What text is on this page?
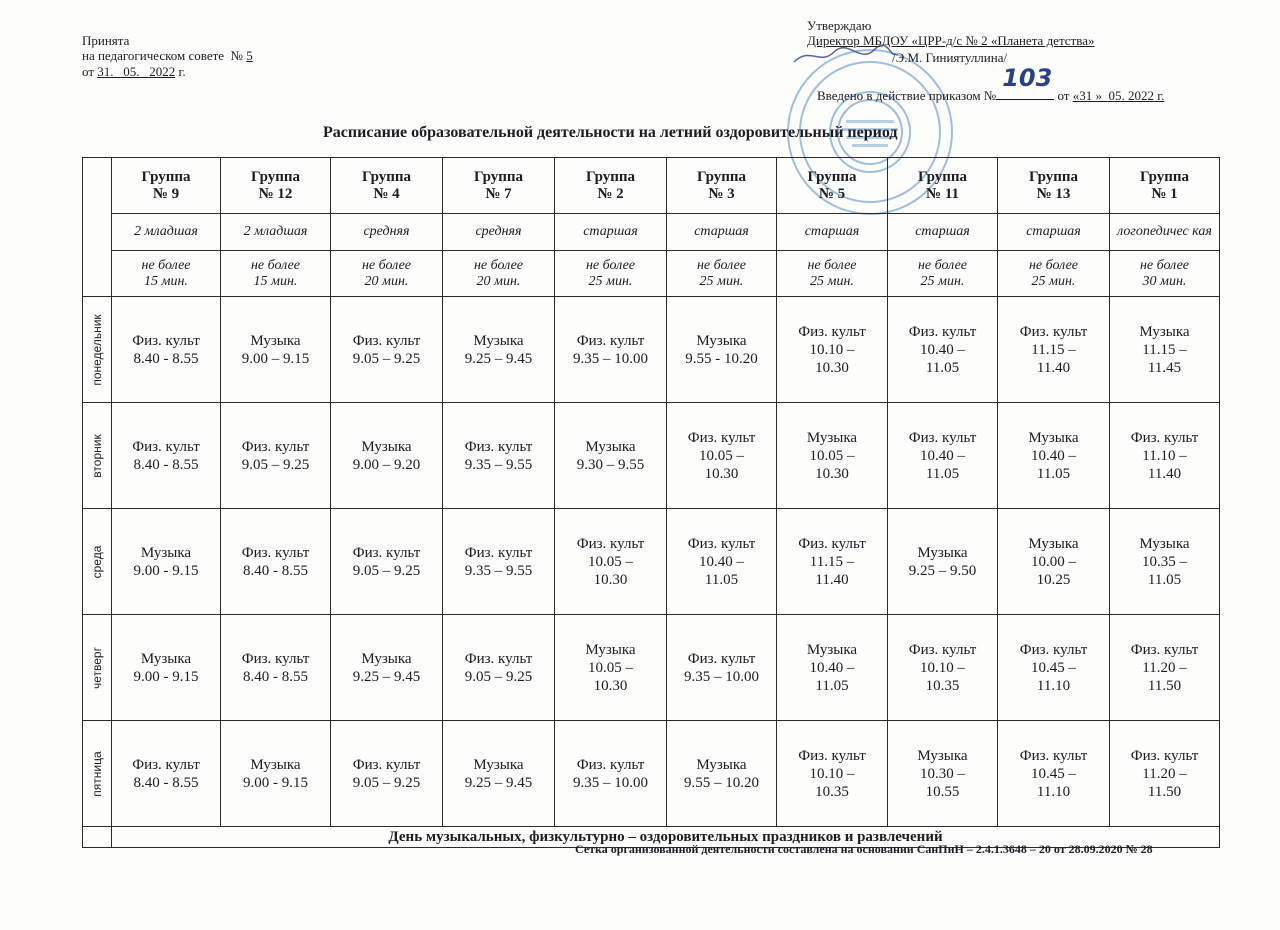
Принята
на педагогическом совете  № 5
от 31.   05.   2022 г.
Утверждаю
Директор МБДОУ «ЦРР-д/с № 2 «Планета детства»
/Э.М. Гиниятуллина/
Введено в действие приказом №
103
от «31 »  05. 2022 г.
Расписание образовательной деятельности на летний оздоровительный период

	Группа
№ 9	Группа
№ 12	Группа
№ 4	Группа
№ 7	Группа
№ 2	Группа
№ 3	Группа
№ 5	Группа
№ 11	Группа
№ 13	Группа
№ 1

	2 младшая	2 младшая	средняя	средняя	старшая	старшая	старшая	старшая	старшая	логопедичес кая

	не более
15 мин.	не более
15 мин.	не более
20 мин.	не более
20 мин.	не более
25 мин.	не более
25 мин.	не более
25 мин.	не более
25 мин.	не более
25 мин.	не более
30 мин.

понедельник	Физ. культ
8.40 - 8.55	Музыка
9.00 – 9.15	Физ. культ
9.05 – 9.25	Музыка
9.25 – 9.45	Физ. культ
9.35 – 10.00	Музыка
9.55 - 10.20	Физ. культ
10.10 –
10.30	Физ. культ
10.40 –
11.05	Физ. культ
11.15 –
11.40	Музыка
11.15 –
11.45

вторник	Физ. культ
8.40 - 8.55	Физ. культ
9.05 – 9.25	Музыка
9.00 – 9.20	Физ. культ
9.35 – 9.55	Музыка
9.30 – 9.55	Физ. культ
10.05 –
10.30	Музыка
10.05 –
10.30	Физ. культ
10.40 –
11.05	Музыка
10.40 –
11.05	Физ. культ
11.10 –
11.40

среда	Музыка
9.00 - 9.15	Физ. культ
8.40 - 8.55	Физ. культ
9.05 – 9.25	Физ. культ
9.35 – 9.55	Физ. культ
10.05 –
10.30	Физ. культ
10.40 –
11.05	Физ. культ
11.15 –
11.40	Музыка
9.25 – 9.50	Музыка
10.00 –
10.25	Музыка
10.35 –
11.05

четверг	Музыка
9.00 - 9.15	Физ. культ
8.40 - 8.55	Музыка
9.25 – 9.45	Физ. культ
9.05 – 9.25	Музыка
10.05 –
10.30	Физ. культ
9.35 – 10.00	Музыка
10.40 –
11.05	Физ. культ
10.10 –
10.35	Физ. культ
10.45 –
11.10	Физ. культ
11.20 –
11.50

пятница	Физ. культ
8.40 - 8.55	Музыка
9.00 - 9.15	Физ. культ
9.05 – 9.25	Музыка
9.25 – 9.45	Физ. культ
9.35 – 10.00	Музыка
9.55 – 10.20	Физ. культ
10.10 –
10.35	Музыка
10.30 –
10.55	Физ. культ
10.45 –
11.10	Физ. культ
11.20 –
11.50

	День музыкальных, физкультурно – оздоровительных праздников и развлечений									
Сетка организованной деятельности составлена на основании СанПиН – 2.4.1.3648 – 20 от 28.09.2020 № 28
